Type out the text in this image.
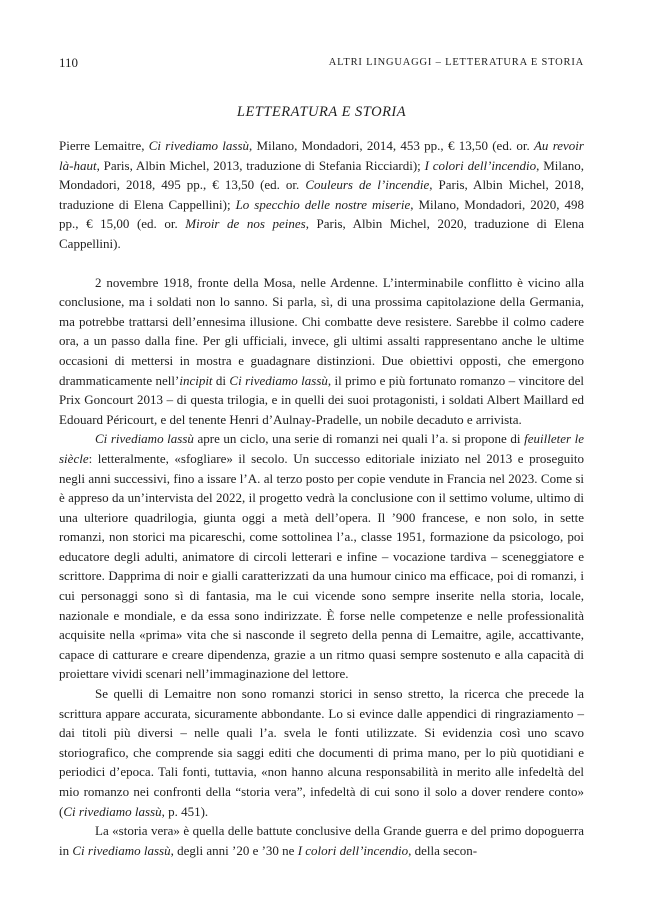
110	ALTRI LINGUAGGI – LETTERATURA E STORIA
LETTERATURA E STORIA

Pierre Lemaitre, Ci rivediamo lassù, Milano, Mondadori, 2014, 453 pp., € 13,50 (ed. or. Au revoir là-haut, Paris, Albin Michel, 2013, traduzione di Stefania Ricciardi); I colori dell’incendio, Milano, Mondadori, 2018, 495 pp., € 13,50 (ed. or. Couleurs de l’incendie, Paris, Albin Michel, 2018, traduzione di Elena Cappellini); Lo specchio delle nostre miserie, Milano, Mondadori, 2020, 498 pp., € 15,00 (ed. or. Miroir de nos peines, Paris, Albin Michel, 2020, traduzione di Elena Cappellini).

2 novembre 1918, fronte della Mosa, nelle Ardenne. L’interminabile conflitto è vicino alla conclusione, ma i soldati non lo sanno. Si parla, sì, di una prossima capitolazione della Germania, ma potrebbe trattarsi dell’ennesima illusione. Chi combatte deve resistere. Sarebbe il colmo cadere ora, a un passo dalla fine. Per gli ufficiali, invece, gli ultimi assalti rappresentano anche le ultime occasioni di mettersi in mostra e guadagnare distinzioni. Due obiettivi opposti, che emergono drammaticamente nell’incipit di Ci rivediamo lassù, il primo e più fortunato romanzo – vincitore del Prix Goncourt 2013 – di questa trilogia, e in quelli dei suoi protagonisti, i soldati Albert Maillard ed Edouard Péricourt, e del tenente Henri d’Aulnay-Pradelle, un nobile decaduto e arrivista.

Ci rivediamo lassù apre un ciclo, una serie di romanzi nei quali l’a. si propone di feuilleter le siècle: letteralmente, «sfogliare» il secolo. Un successo editoriale iniziato nel 2013 e proseguito negli anni successivi, fino a issare l’A. al terzo posto per copie vendute in Francia nel 2023. Come si è appreso da un’intervista del 2022, il progetto vedrà la conclusione con il settimo volume, ultimo di una ulteriore quadrilogia, giunta oggi a metà dell’opera. Il ’900 francese, e non solo, in sette romanzi, non storici ma picareschi, come sottolinea l’a., classe 1951, formazione da psicologo, poi educatore degli adulti, animatore di circoli letterari e infine – vocazione tardiva – sceneggiatore e scrittore. Dapprima di noir e gialli caratterizzati da una humour cinico ma efficace, poi di romanzi, i cui personaggi sono sì di fantasia, ma le cui vicende sono sempre inserite nella storia, locale, nazionale e mondiale, e da essa sono indirizzate. È forse nelle competenze e nelle professionalità acquisite nella «prima» vita che si nasconde il segreto della penna di Lemaitre, agile, accattivante, capace di catturare e creare dipendenza, grazie a un ritmo quasi sempre sostenuto e alla capacità di proiettare vividi scenari nell’immaginazione del lettore.

Se quelli di Lemaitre non sono romanzi storici in senso stretto, la ricerca che precede la scrittura appare accurata, sicuramente abbondante. Lo si evince dalle appendici di ringraziamento – dai titoli più diversi – nelle quali l’a. svela le fonti utilizzate. Si evidenzia così uno scavo storiografico, che comprende sia saggi editi che documenti di prima mano, per lo più quotidiani e periodici d’epoca. Tali fonti, tuttavia, «non hanno alcuna responsabilità in merito alle infedeltà del mio romanzo nei confronti della “storia vera”, infedeltà di cui sono il solo a dover rendere conto» (Ci rivediamo lassù, p. 451).

La «storia vera» è quella delle battute conclusive della Grande guerra e del primo dopoguerra in Ci rivediamo lassù, degli anni ’20 e ’30 ne I colori dell’incendio, della secon-
